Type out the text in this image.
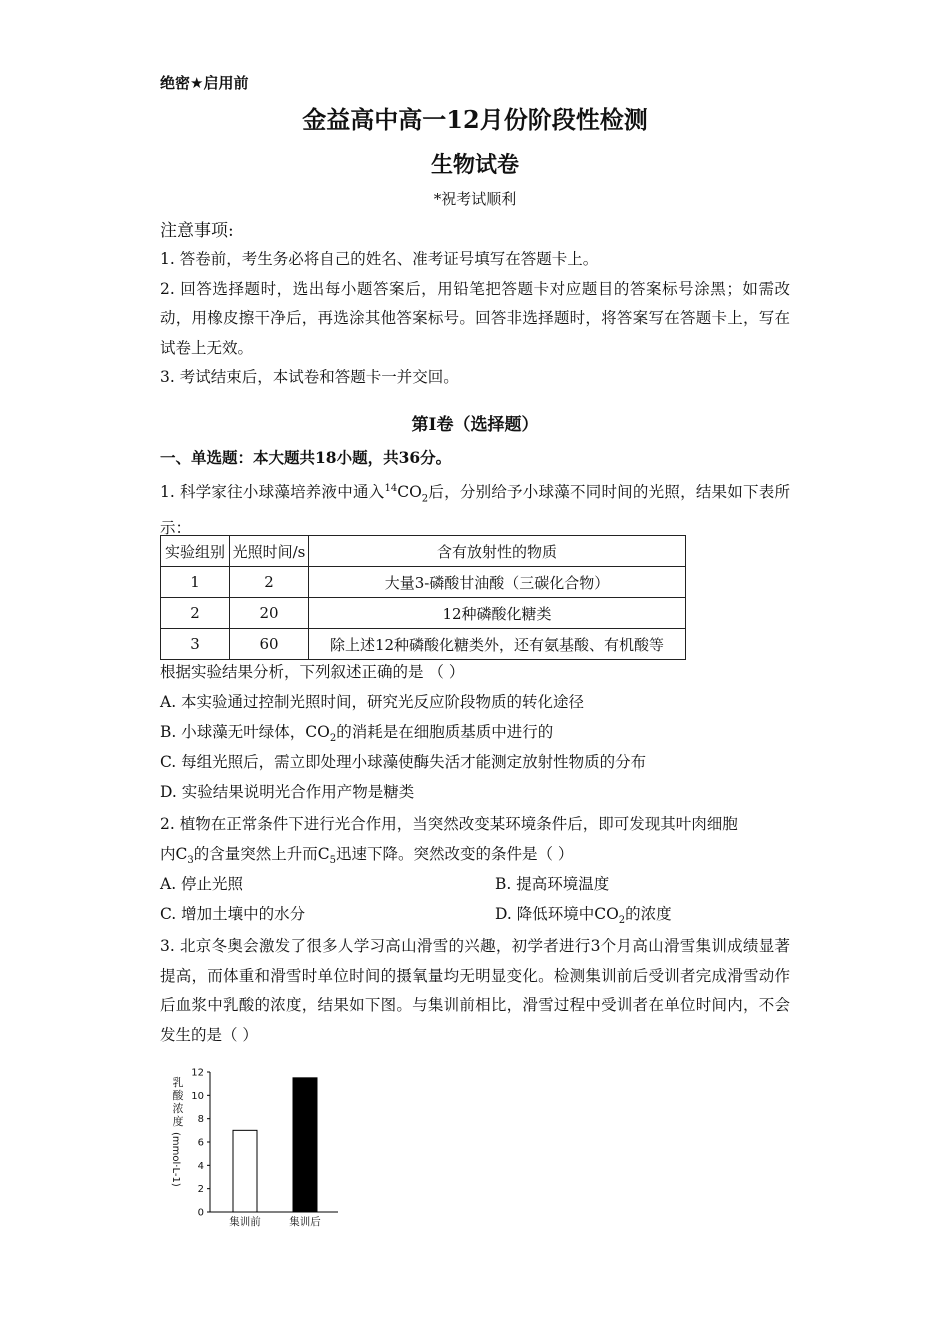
绝密★启用前
金益高中高一12月份阶段性检测
生物试卷
*祝考试顺利
注意事项:

1. 答卷前，考生务必将自己的姓名、准考证号填写在答题卡上。

2. 回答选择题时，选出每小题答案后，用铅笔把答题卡对应题目的答案标号涂黑；如需改动，用橡皮擦干净后，再选涂其他答案标号。回答非选择题时，将答案写在答题卡上，写在试卷上无效。

3. 考试结束后，本试卷和答题卡一并交回。

第I卷（选择题）
一、单选题：本大题共18小题，共36分。

1. 科学家往小球藻培养液中通入$^{14}CO_2$后，分别给予小球藻不同时间的光照，结果如下表所示：

实验组别	光照时间/s	含有放射性的物质
1	2	大量3-磷酸甘油酸（三碳化合物）
2	20	12种磷酸化糖类
3	60	除上述12种磷酸化糖类外，还有氨基酸、有机酸等
根据实验结果分析，下列叙述正确的是 （ ）
A. 本实验通过控制光照时间，研究光反应阶段物质的转化途径
B. 小球藻无叶绿体，$CO_2$的消耗是在细胞质基质中进行的
C. 每组光照后，需立即处理小球藻使酶失活才能测定放射性物质的分布
D. 实验结果说明光合作用产物是糖类

2. 植物在正常条件下进行光合作用，当突然改变某环境条件后，即可发现其叶肉细胞

内$C_3$的含量突然上升而$C_5$迅速下降。突然改变的条件是（ ）

A. 停止光照	B. 提高环境温度
C. 增加土壤中的水分	D. 降低环境中$CO_2$的浓度

3. 北京冬奥会激发了很多人学习高山滑雪的兴趣，初学者进行3个月高山滑雪集训成绩显著提高，而体重和滑雪时单位时间的摄氧量均无明显变化。检测集训前后受训者完成滑雪动作后血浆中乳酸的浓度，结果如下图。与集训前相比，滑雪过程中受训者在单位时间内，不会发生的是（ ）

乳
酸
浓
度
(mmol·L-1)
0
2
4
6
8
10
12
集训前	集训后
